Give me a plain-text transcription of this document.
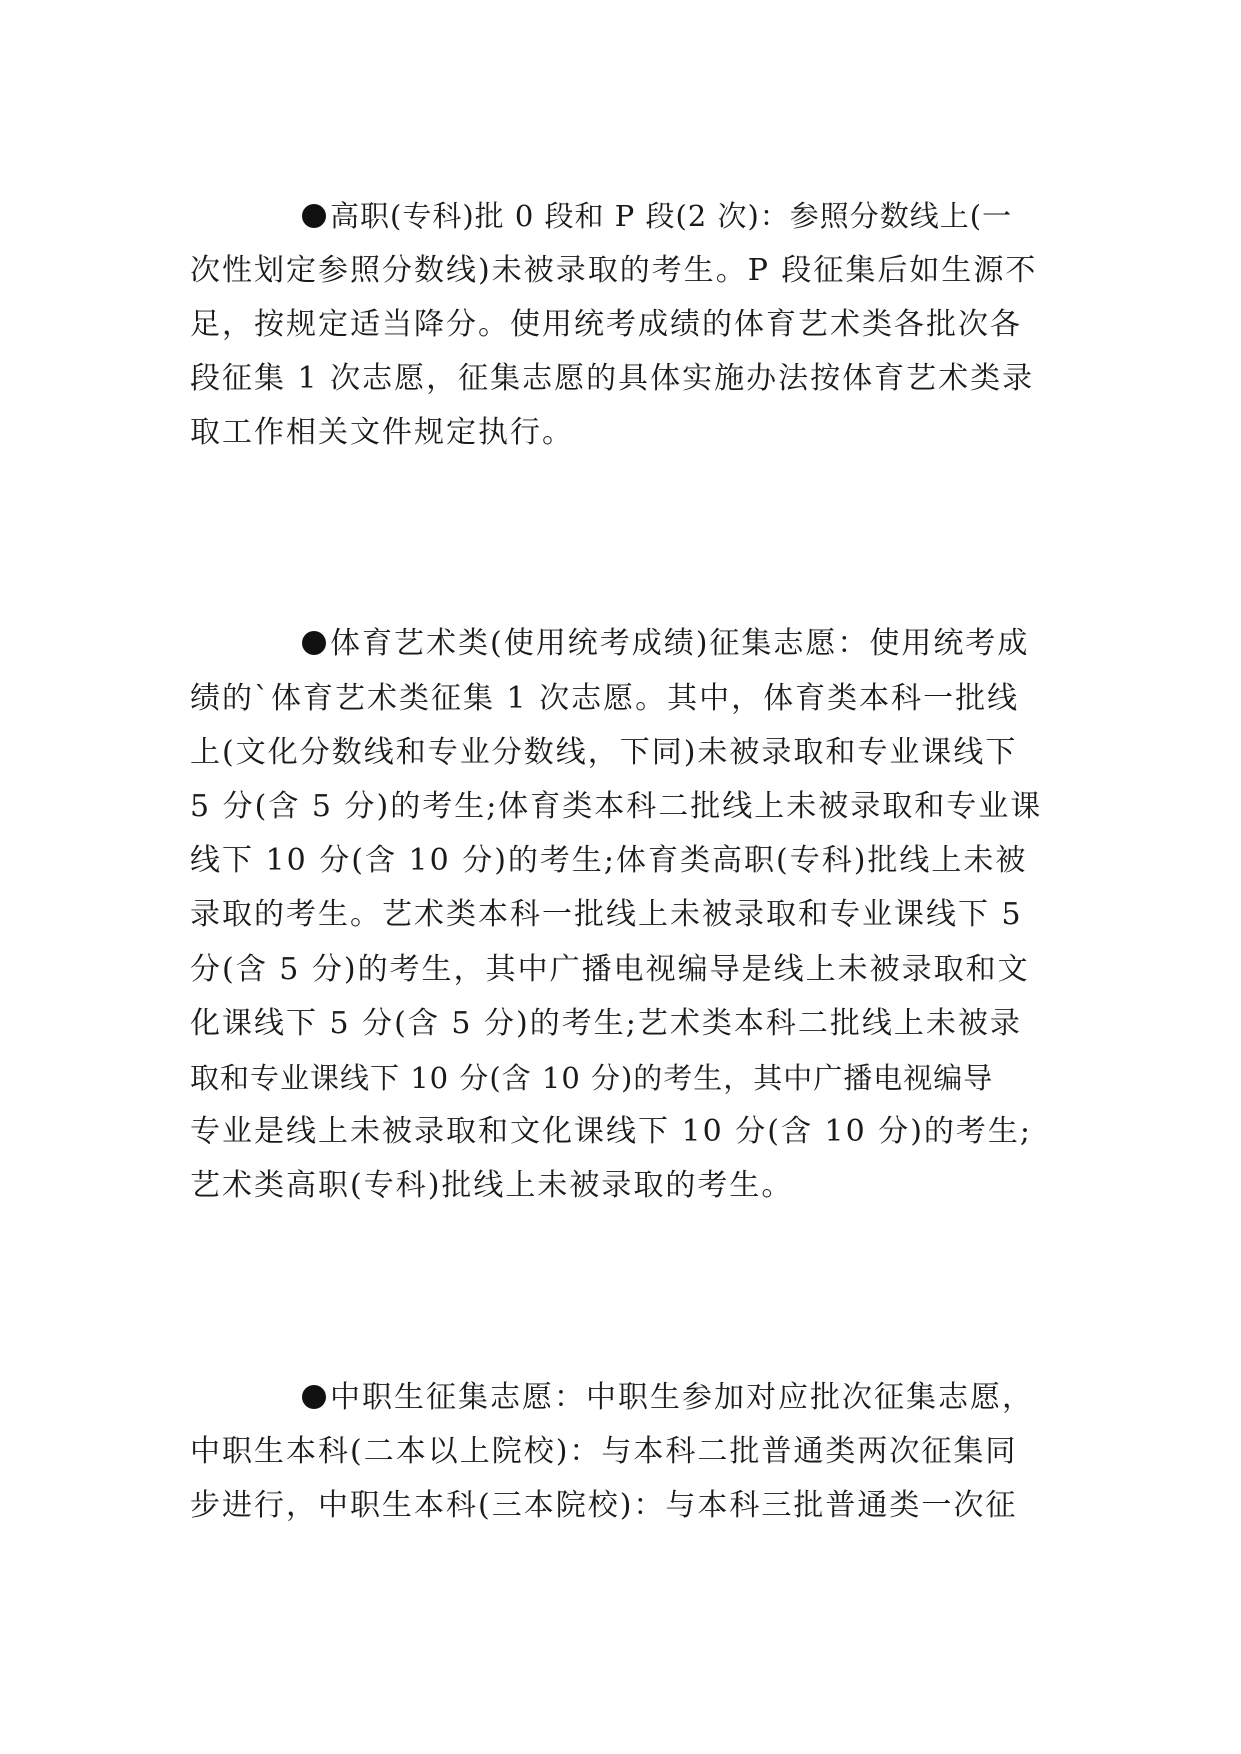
高职(专科)批 0 段和 P 段(2 次)：参照分数线上(一

次性划定参照分数线)未被录取的考生。P 段征集后如生源不

足，按规定适当降分。使用统考成绩的体育艺术类各批次各

段征集 1 次志愿，征集志愿的具体实施办法按体育艺术类录

取工作相关文件规定执行。

体育艺术类(使用统考成绩)征集志愿：使用统考成

绩的`体育艺术类征集 1 次志愿。其中，体育类本科一批线

上(文化分数线和专业分数线，下同)未被录取和专业课线下

5 分(含 5 分)的考生;体育类本科二批线上未被录取和专业课

线下 10 分(含 10 分)的考生;体育类高职(专科)批线上未被

录取的考生。艺术类本科一批线上未被录取和专业课线下 5

分(含 5 分)的考生，其中广播电视编导是线上未被录取和文

化课线下 5 分(含 5 分)的考生;艺术类本科二批线上未被录

取和专业课线下 10 分(含 10 分)的考生，其中广播电视编导

专业是线上未被录取和文化课线下 10 分(含 10 分)的考生;

艺术类高职(专科)批线上未被录取的考生。

中职生征集志愿：中职生参加对应批次征集志愿，

中职生本科(二本以上院校)：与本科二批普通类两次征集同

步进行，中职生本科(三本院校)：与本科三批普通类一次征
